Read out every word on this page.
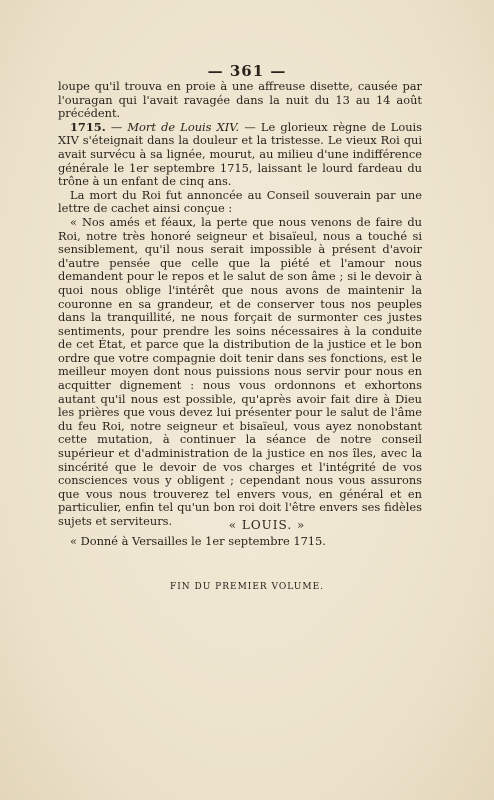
— 361 —

loupe qu'il trouva en proie à une affreuse disette, causée par l'ouragan qui l'avait ravagée dans la nuit du 13 au 14 août précédent.

1715. — Mort de Louis XIV. — Le glorieux règne de Louis XIV s'éteignait dans la douleur et la tristesse. Le vieux Roi qui avait survécu à sa lignée, mourut, au milieu d'une indifférence générale le 1er septembre 1715, laissant le lourd fardeau du trône à un enfant de cinq ans.

La mort du Roi fut annoncée au Conseil souverain par une lettre de cachet ainsi conçue :

« Nos amés et féaux, la perte que nous venons de faire du Roi, notre très honoré seigneur et bisaïeul, nous a touché si sensiblement, qu'il nous serait impossible à présent d'avoir d'autre pensée que celle que la piété et l'amour nous demandent pour le repos et le salut de son âme ; si le devoir à quoi nous oblige l'intérêt que nous avons de maintenir la couronne en sa grandeur, et de conserver tous nos peuples dans la tranquillité, ne nous forçait de surmonter ces justes sentiments, pour prendre les soins nécessaires à la conduite de cet État, et parce que la distribution de la justice et le bon ordre que votre compagnie doit tenir dans ses fonctions, est le meilleur moyen dont nous puissions nous servir pour nous en acquitter dignement : nous vous ordonnons et exhortons autant qu'il nous est possible, qu'après avoir fait dire à Dieu les prières que vous devez lui présenter pour le salut de l'âme du feu Roi, notre seigneur et bisaïeul, vous ayez nonobstant cette mutation, à continuer la séance de notre conseil supérieur et d'administration de la justice en nos îles, avec la sincérité que le devoir de vos charges et l'intégrité de vos consciences vous y obligent ; cependant nous vous assurons que vous nous trouverez tel envers vous, en général et en particulier, enfin tel qu'un bon roi doit l'être envers ses fidèles sujets et serviteurs.

« Donné à Versailles le 1er septembre 1715.

« LOUIS. »
FIN DU PREMIER VOLUME.
